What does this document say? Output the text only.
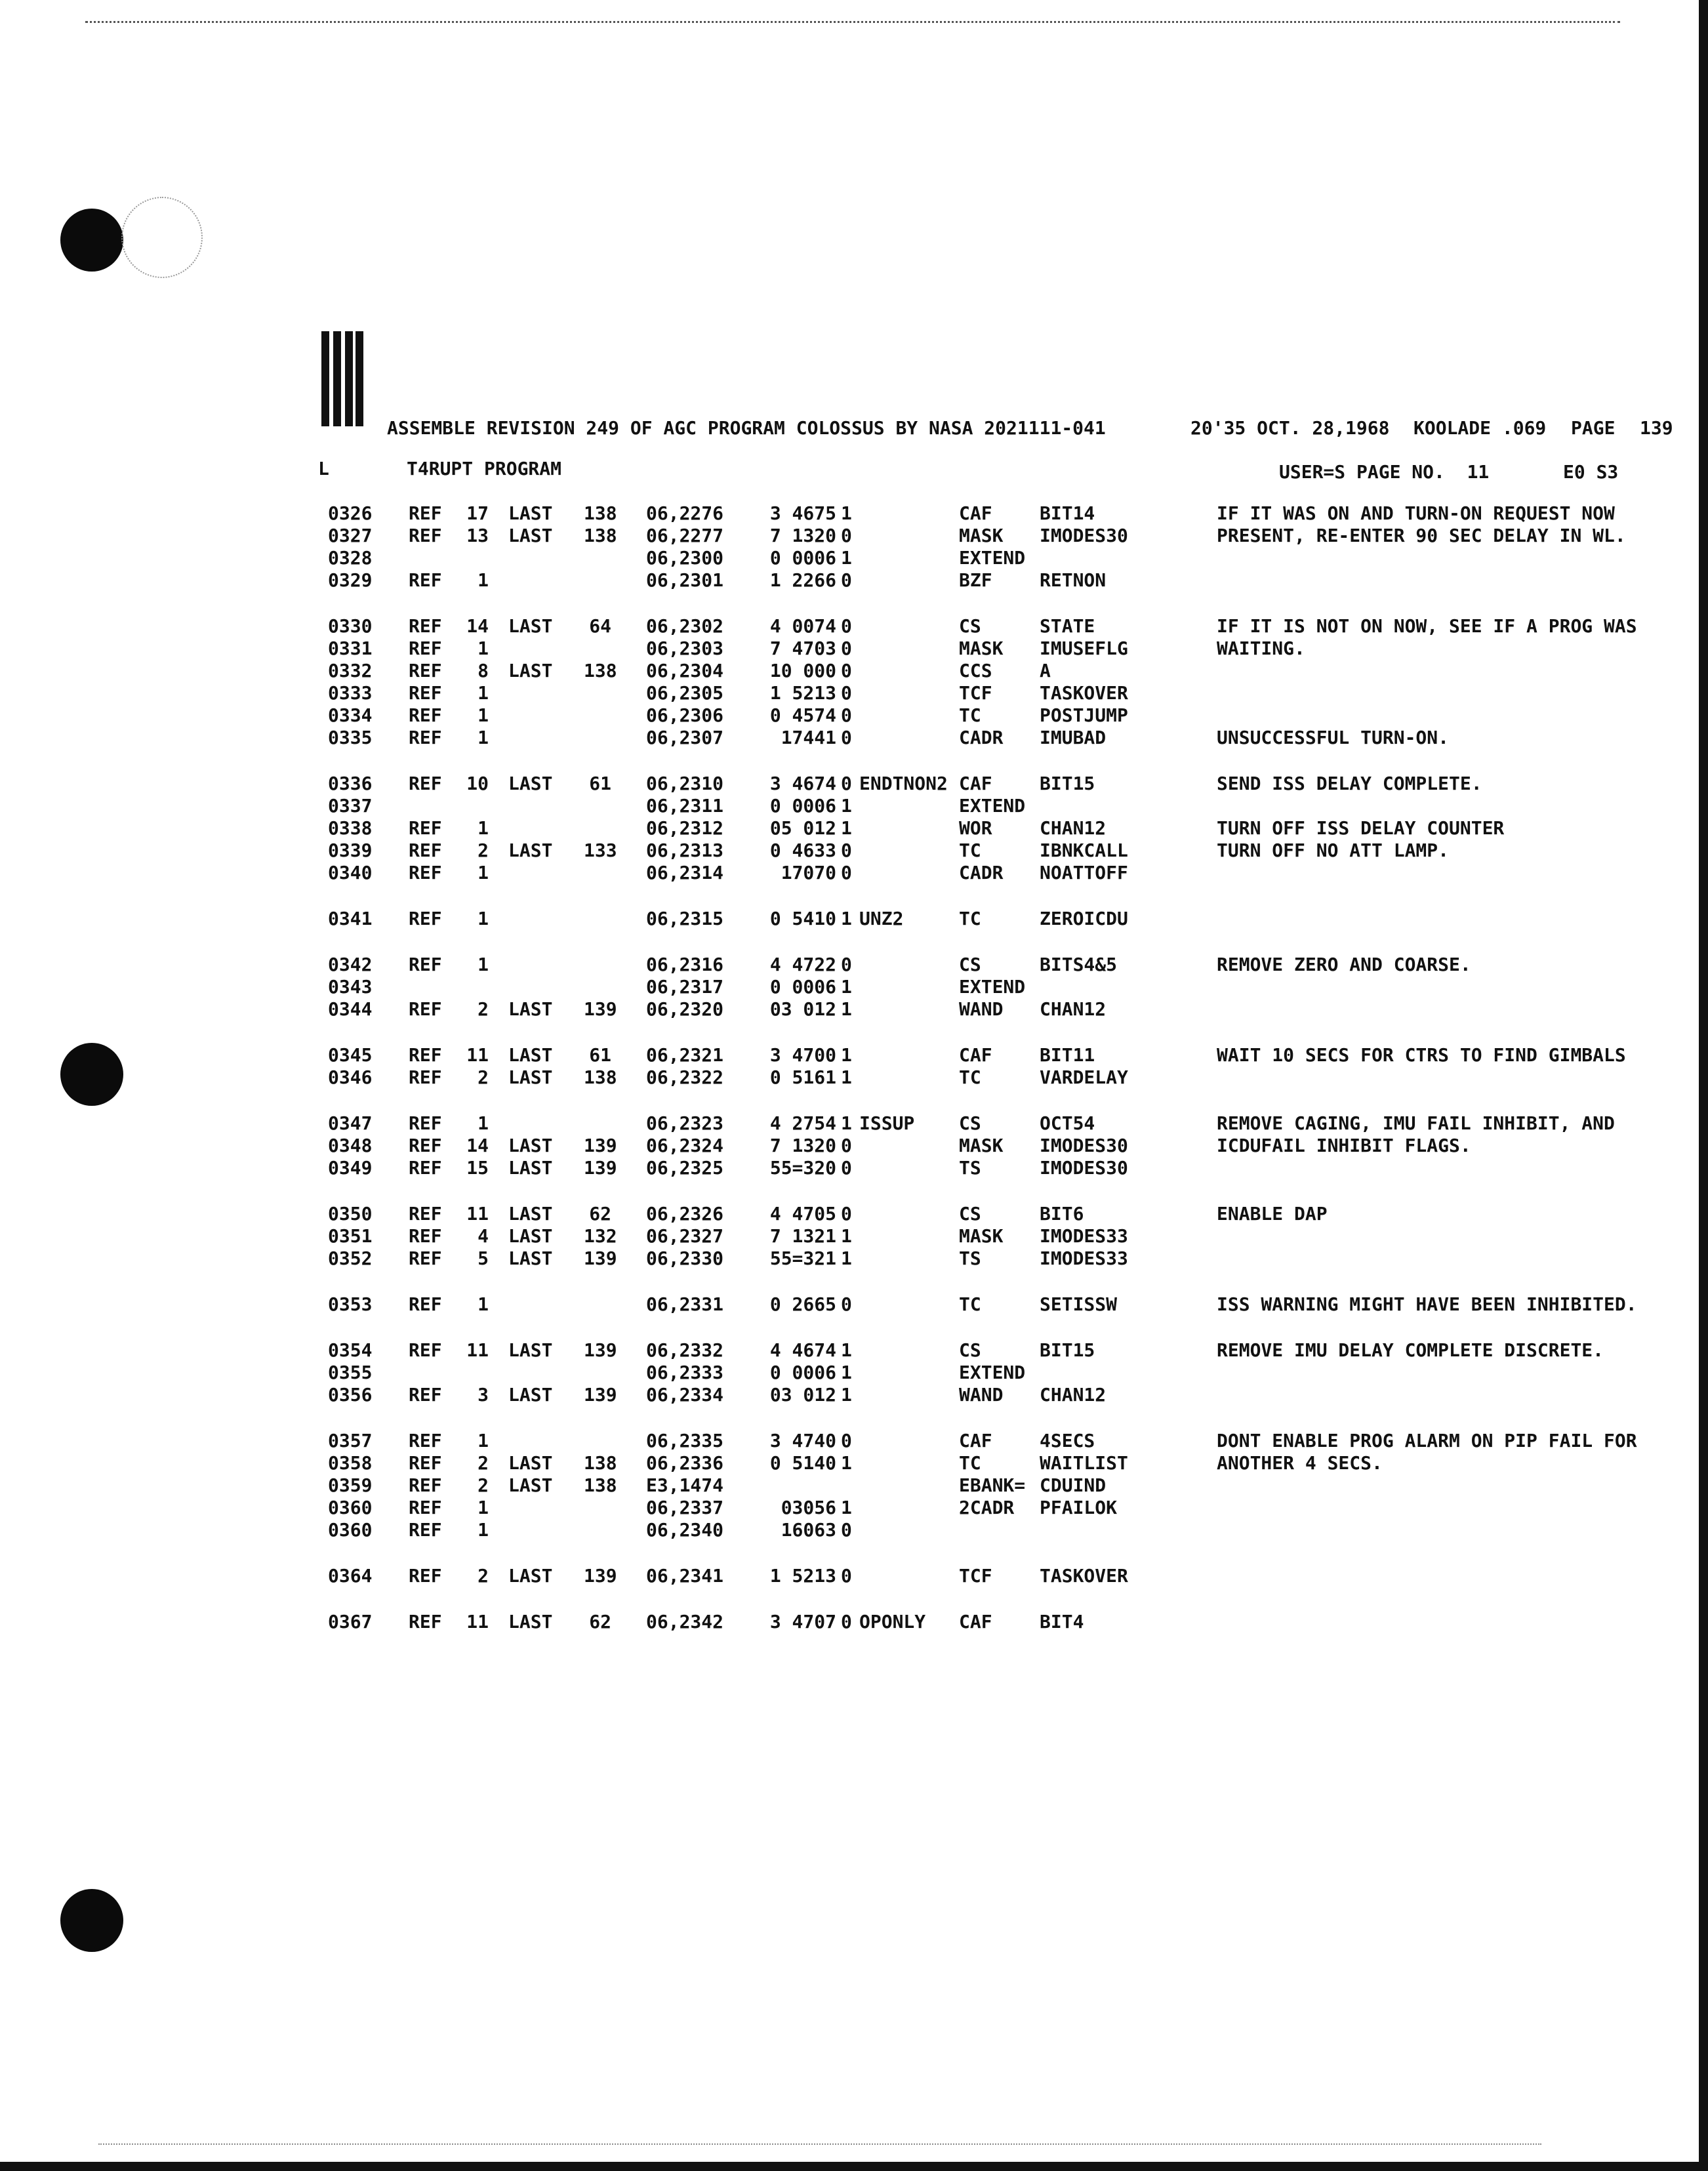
ASSEMBLE REVISION 249 OF AGC PROGRAM COLOSSUS BY NASA 2021111-041	20'35 OCT. 28,1968 KOOLADE .069 PAGE 139
L	T4RUPT PROGRAM	USER=S PAGE NO.  11	E0 S3
0326 REF 17 LAST 138 06,2276	3 4675 1	CAF	BIT14	IF IT WAS ON AND TURN-ON REQUEST NOW
0327 REF 13 LAST 138 06,2277	7 1320 0	MASK IMODES30	PRESENT, RE-ENTER 90 SEC DELAY IN WL.
0328	06,2300	0 0006 1	EXTEND
0329 REF	1	06,2301	1 2266 0	BZF	RETNON
0330 REF 14 LAST 64 06,2302	4 0074 0	CS	STATE	IF IT IS NOT ON NOW, SEE IF A PROG WAS
0331 REF	1	06,2303	7 4703 0	MASK IMUSEFLG	WAITING.
0332 REF	8 LAST 138 06,2304	10 000 0	CCS	A
0333 REF	1	06,2305	1 5213 0	TCF	TASKOVER
0334 REF	1	06,2306	0 4574 0	TC	POSTJUMP
0335 REF	1	06,2307	17441 0	CADR IMUBAD	UNSUCCESSFUL TURN-ON.
0336 REF 10 LAST 61 06,2310	3 4674 0 ENDTNON2 CAF	BIT15	SEND ISS DELAY COMPLETE.
0337	06,2311	0 0006 1	EXTEND
0338 REF	1	06,2312	05 012 1	WOR	CHAN12	TURN OFF ISS DELAY COUNTER
0339 REF	2 LAST 133 06,2313	0 4633 0	TC	IBNKCALL	TURN OFF NO ATT LAMP.
0340 REF	1	06,2314	17070 0	CADR NOATTOFF
0341 REF	1	06,2315	0 5410 1 UNZ2	TC	ZEROICDU
0342 REF	1	06,2316	4 4722 0	CS	BITS4&5	REMOVE ZERO AND COARSE.
0343	06,2317	0 0006 1	EXTEND
0344 REF	2 LAST 139 06,2320	03 012 1	WAND CHAN12
0345 REF 11 LAST 61 06,2321	3 4700 1	CAF	BIT11	WAIT 10 SECS FOR CTRS TO FIND GIMBALS
0346 REF	2 LAST 138 06,2322	0 5161 1	TC	VARDELAY
0347 REF	1	06,2323	4 2754 1 ISSUP CS	OCT54	REMOVE CAGING, IMU FAIL INHIBIT, AND
0348 REF 14 LAST 139 06,2324	7 1320 0	MASK IMODES30	ICDUFAIL INHIBIT FLAGS.
0349 REF 15 LAST 139 06,2325	55=320 0	TS	IMODES30
0350 REF 11 LAST 62 06,2326	4 4705 0	CS	BIT6	ENABLE DAP
0351 REF	4 LAST 132 06,2327	7 1321 1	MASK IMODES33
0352 REF	5 LAST 139 06,2330	55=321 1	TS	IMODES33
0353 REF	1	06,2331	0 2665 0	TC	SETISSW	ISS WARNING MIGHT HAVE BEEN INHIBITED.
0354 REF 11 LAST 139 06,2332	4 4674 1	CS	BIT15	REMOVE IMU DELAY COMPLETE DISCRETE.
0355	06,2333	0 0006 1	EXTEND
0356 REF	3 LAST 139 06,2334	03 012 1	WAND CHAN12
0357 REF	1	06,2335	3 4740 0	CAF	4SECS	DONT ENABLE PROG ALARM ON PIP FAIL FOR
0358 REF	2 LAST 138 06,2336	0 5140 1	TC	WAITLIST	ANOTHER 4 SECS.
0359 REF	2 LAST 138 E3,1474	EBANK= CDUIND
0360 REF	1	06,2337	03056 1	2CADR PFAILOK
0360 REF	1	06,2340	16063 0
0364 REF	2 LAST 139 06,2341	1 5213 0	TCF	TASKOVER
0367 REF 11 LAST 62 06,2342	3 4707 0 OPONLY CAF	BIT4
